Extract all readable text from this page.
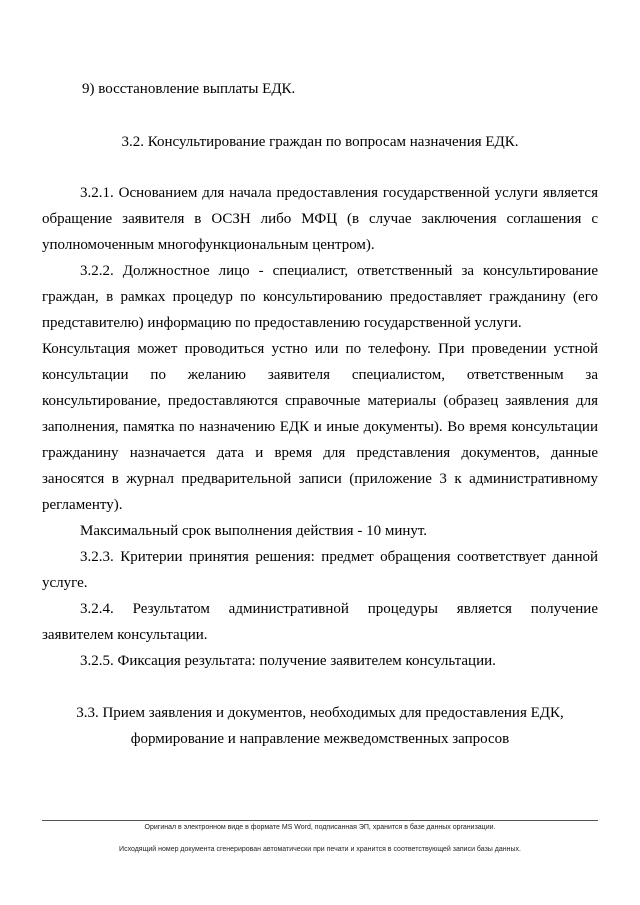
9) восстановление выплаты ЕДК.
3.2. Консультирование граждан по вопросам назначения ЕДК.
3.2.1. Основанием для начала предоставления государственной услуги является
обращение заявителя в ОСЗН либо МФЦ (в случае заключения соглашения с
уполномоченным многофункциональным центром).
3.2.2. Должностное лицо - специалист, ответственный за консультирование
граждан, в рамках процедур по консультированию предоставляет гражданину (его
представителю) информацию по предоставлению государственной услуги.
Консультация может проводиться устно или по телефону. При проведении устной
консультации по желанию заявителя специалистом, ответственным за
консультирование, предоставляются справочные материалы (образец заявления для
заполнения, памятка по назначению ЕДК и иные документы). Во время консультации
гражданину назначается дата и время для представления документов, данные
заносятся в журнал предварительной записи (приложение 3 к административному
регламенту).
Максимальный срок выполнения действия - 10 минут.
3.2.3. Критерии принятия решения: предмет обращения соответствует данной
услуге.
3.2.4. Результатом административной процедуры является получение
заявителем консультации.
3.2.5. Фиксация результата: получение заявителем консультации.
3.3. Прием заявления и документов, необходимых для предоставления ЕДК,
формирование и направление межведомственных запросов
Оригинал в электронном виде в формате MS Word, подписанная ЭП, хранится в базе данных организации.
Исходящий номер документа сгенерирован автоматически при печати и хранится в соответствующей записи базы данных.
